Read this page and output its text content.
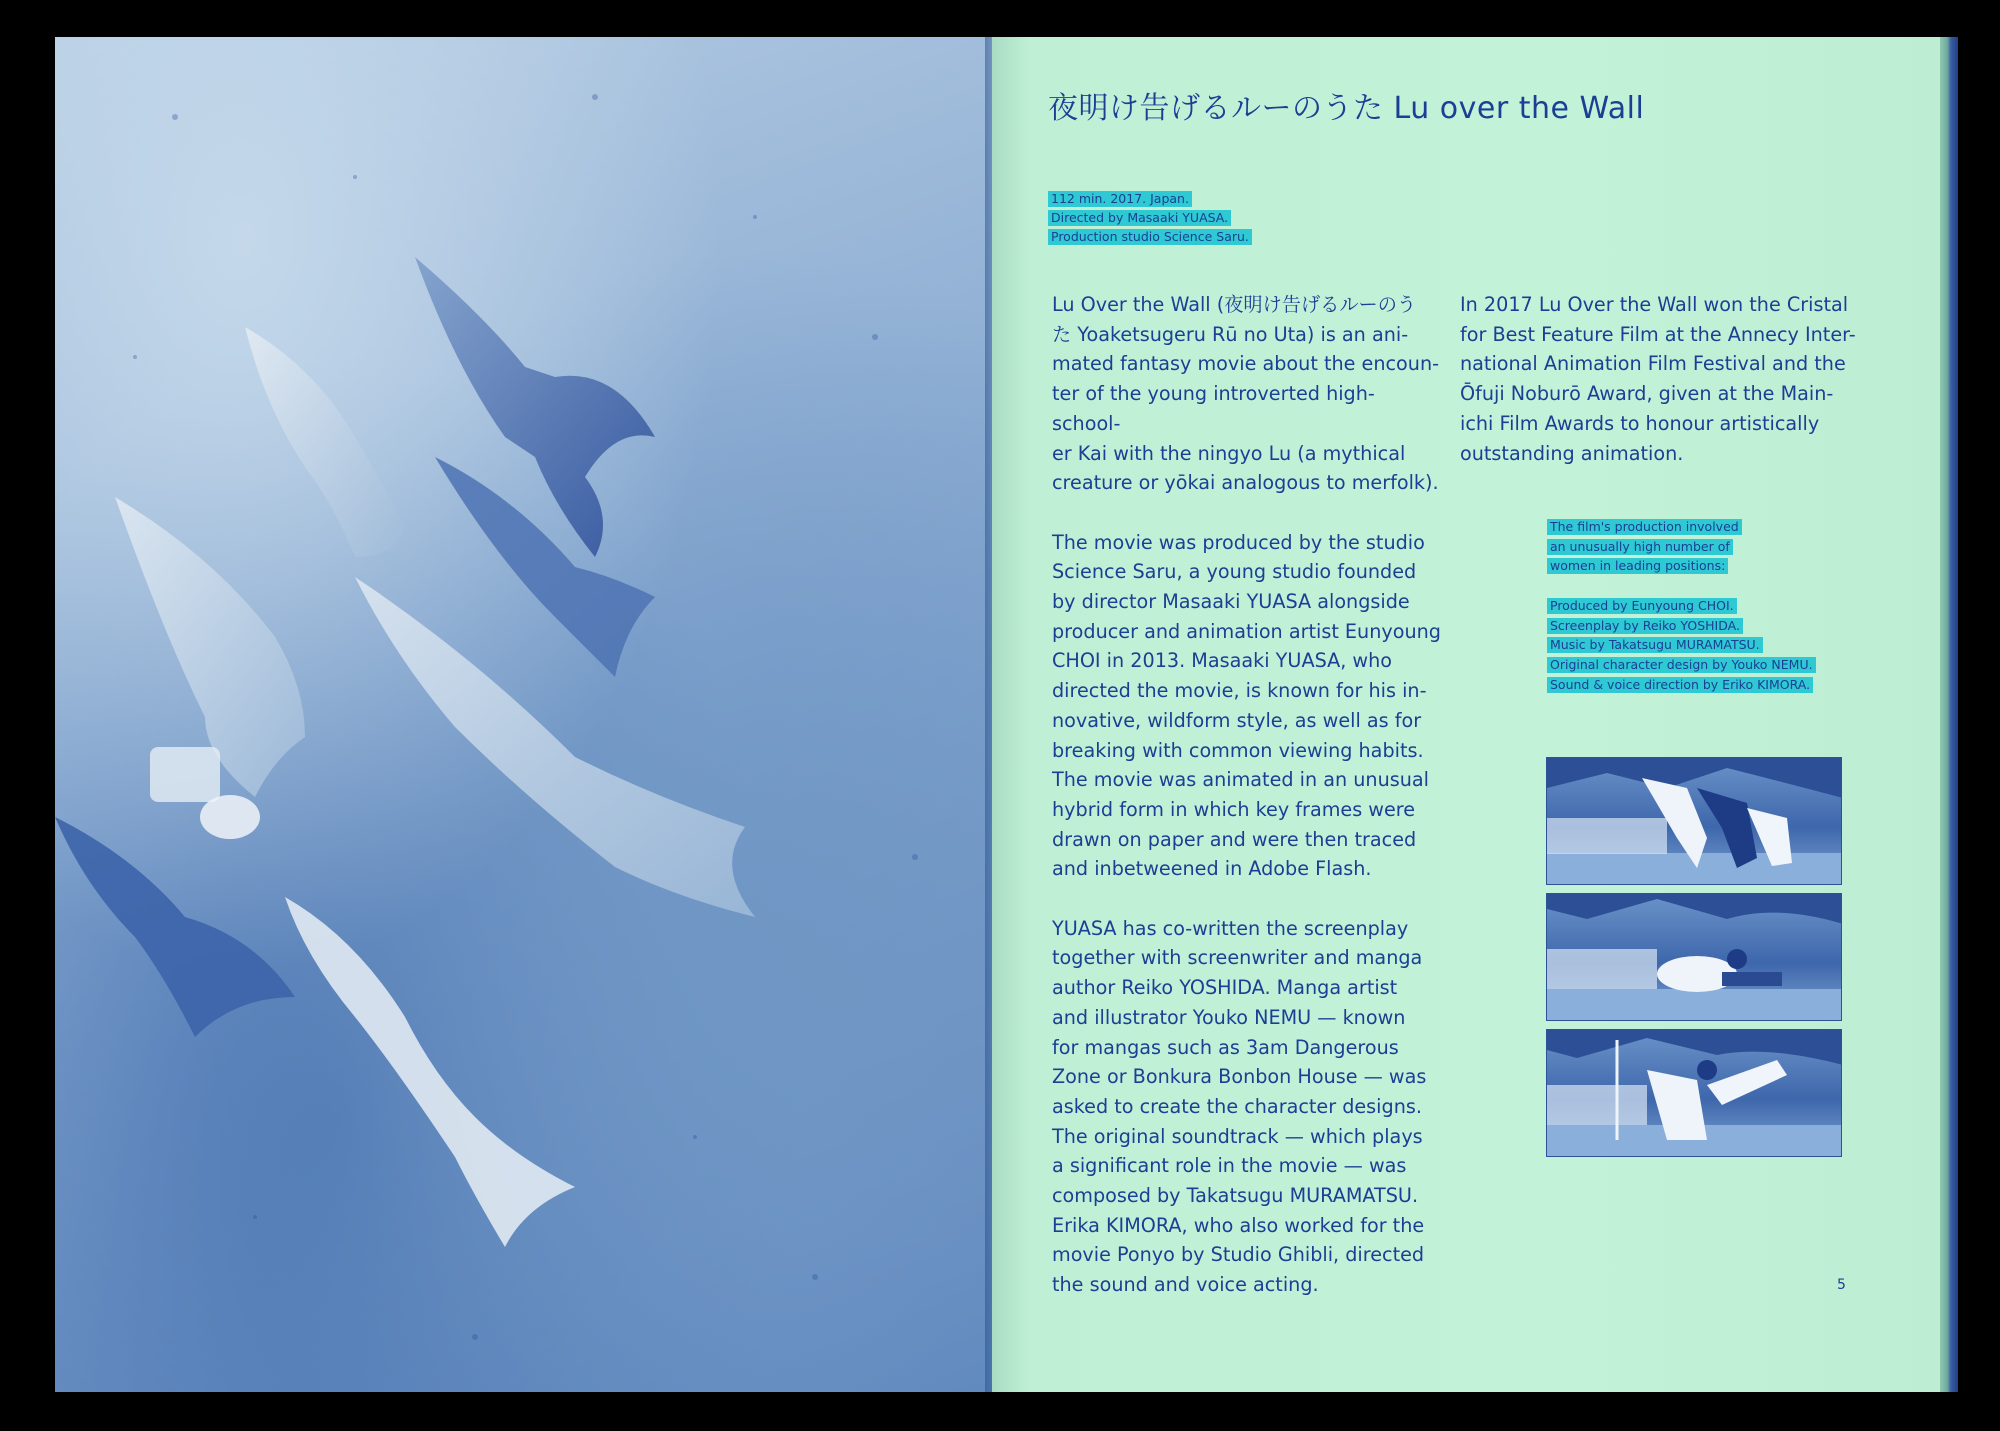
夜明け告げるルーのうた Lu over the Wall
112 min. 2017. Japan.
Directed by Masaaki YUASA.
Production studio Science Saru.

Lu Over the Wall (夜明け告げるルーのう
た Yoaketsugeru Rū no Uta) is an ani-
mated fantasy movie about the encoun-
ter of the young introverted high-school-
er Kai with the ningyo Lu (a mythical
creature or yōkai analogous to merfolk).

The movie was produced by the studio
Science Saru, a young studio founded
by director Masaaki YUASA alongside
producer and animation artist Eunyoung
CHOI in 2013. Masaaki YUASA, who
directed the movie, is known for his in-
novative, wildform style, as well as for
breaking with common viewing habits.
The movie was animated in an unusual
hybrid form in which key frames were
drawn on paper and were then traced
and inbetweened in Adobe Flash.

YUASA has co-written the screenplay
together with screenwriter and manga
author Reiko YOSHIDA. Manga artist
and illustrator Youko NEMU — known
for mangas such as 3am Dangerous
Zone or Bonkura Bonbon House — was
asked to create the character designs.
The original soundtrack — which plays
a significant role in the movie — was
composed by Takatsugu MURAMATSU.
Erika KIMORA, who also worked for the
movie Ponyo by Studio Ghibli, directed
the sound and voice acting.

In 2017 Lu Over the Wall won the Cristal
for Best Feature Film at the Annecy Inter-
national Animation Film Festival and the
Ōfuji Noburō Award, given at the Main-
ichi Film Awards to honour artistically
outstanding animation.

The film's production involved
an unusually high number of
women in leading positions:
Produced by Eunyoung CHOI.
Screenplay by Reiko YOSHIDA.
Music by Takatsugu MURAMATSU.
Original character design by Youko NEMU.
Sound & voice direction by Eriko KIMORA.
5
